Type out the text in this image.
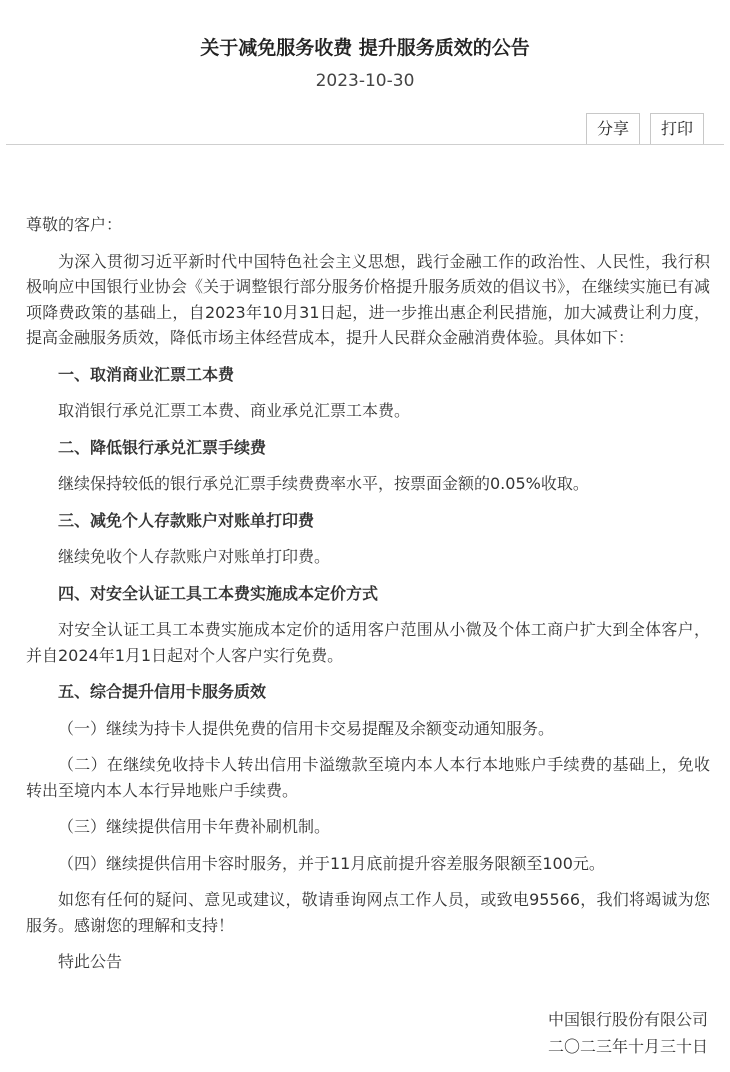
关于减免服务收费 提升服务质效的公告
2023-10-30
分享	打印

尊敬的客户：

为深入贯彻习近平新时代中国特色社会主义思想，践行金融工作的政治性、人民性，我行积极响应中国银行业协会《关于调整银行部分服务价格提升服务质效的倡议书》，在继续实施已有减项降费政策的基础上，自2023年10月31日起，进一步推出惠企利民措施，加大减费让利力度，提高金融服务质效，降低市场主体经营成本，提升人民群众金融消费体验。具体如下：

一、取消商业汇票工本费

取消银行承兑汇票工本费、商业承兑汇票工本费。

二、降低银行承兑汇票手续费

继续保持较低的银行承兑汇票手续费费率水平，按票面金额的0.05%收取。

三、减免个人存款账户对账单打印费

继续免收个人存款账户对账单打印费。

四、对安全认证工具工本费实施成本定价方式

对安全认证工具工本费实施成本定价的适用客户范围从小微及个体工商户扩大到全体客户，并自2024年1月1日起对个人客户实行免费。

五、综合提升信用卡服务质效

（一）继续为持卡人提供免费的信用卡交易提醒及余额变动通知服务。

（二）在继续免收持卡人转出信用卡溢缴款至境内本人本行本地账户手续费的基础上，免收转出至境内本人本行异地账户手续费。

（三）继续提供信用卡年费补刷机制。

（四）继续提供信用卡容时服务，并于11月底前提升容差服务限额至100元。

如您有任何的疑问、意见或建议，敬请垂询网点工作人员，或致电95566，我们将竭诚为您服务。感谢您的理解和支持！

特此公告

中国银行股份有限公司
二〇二三年十月三十日
